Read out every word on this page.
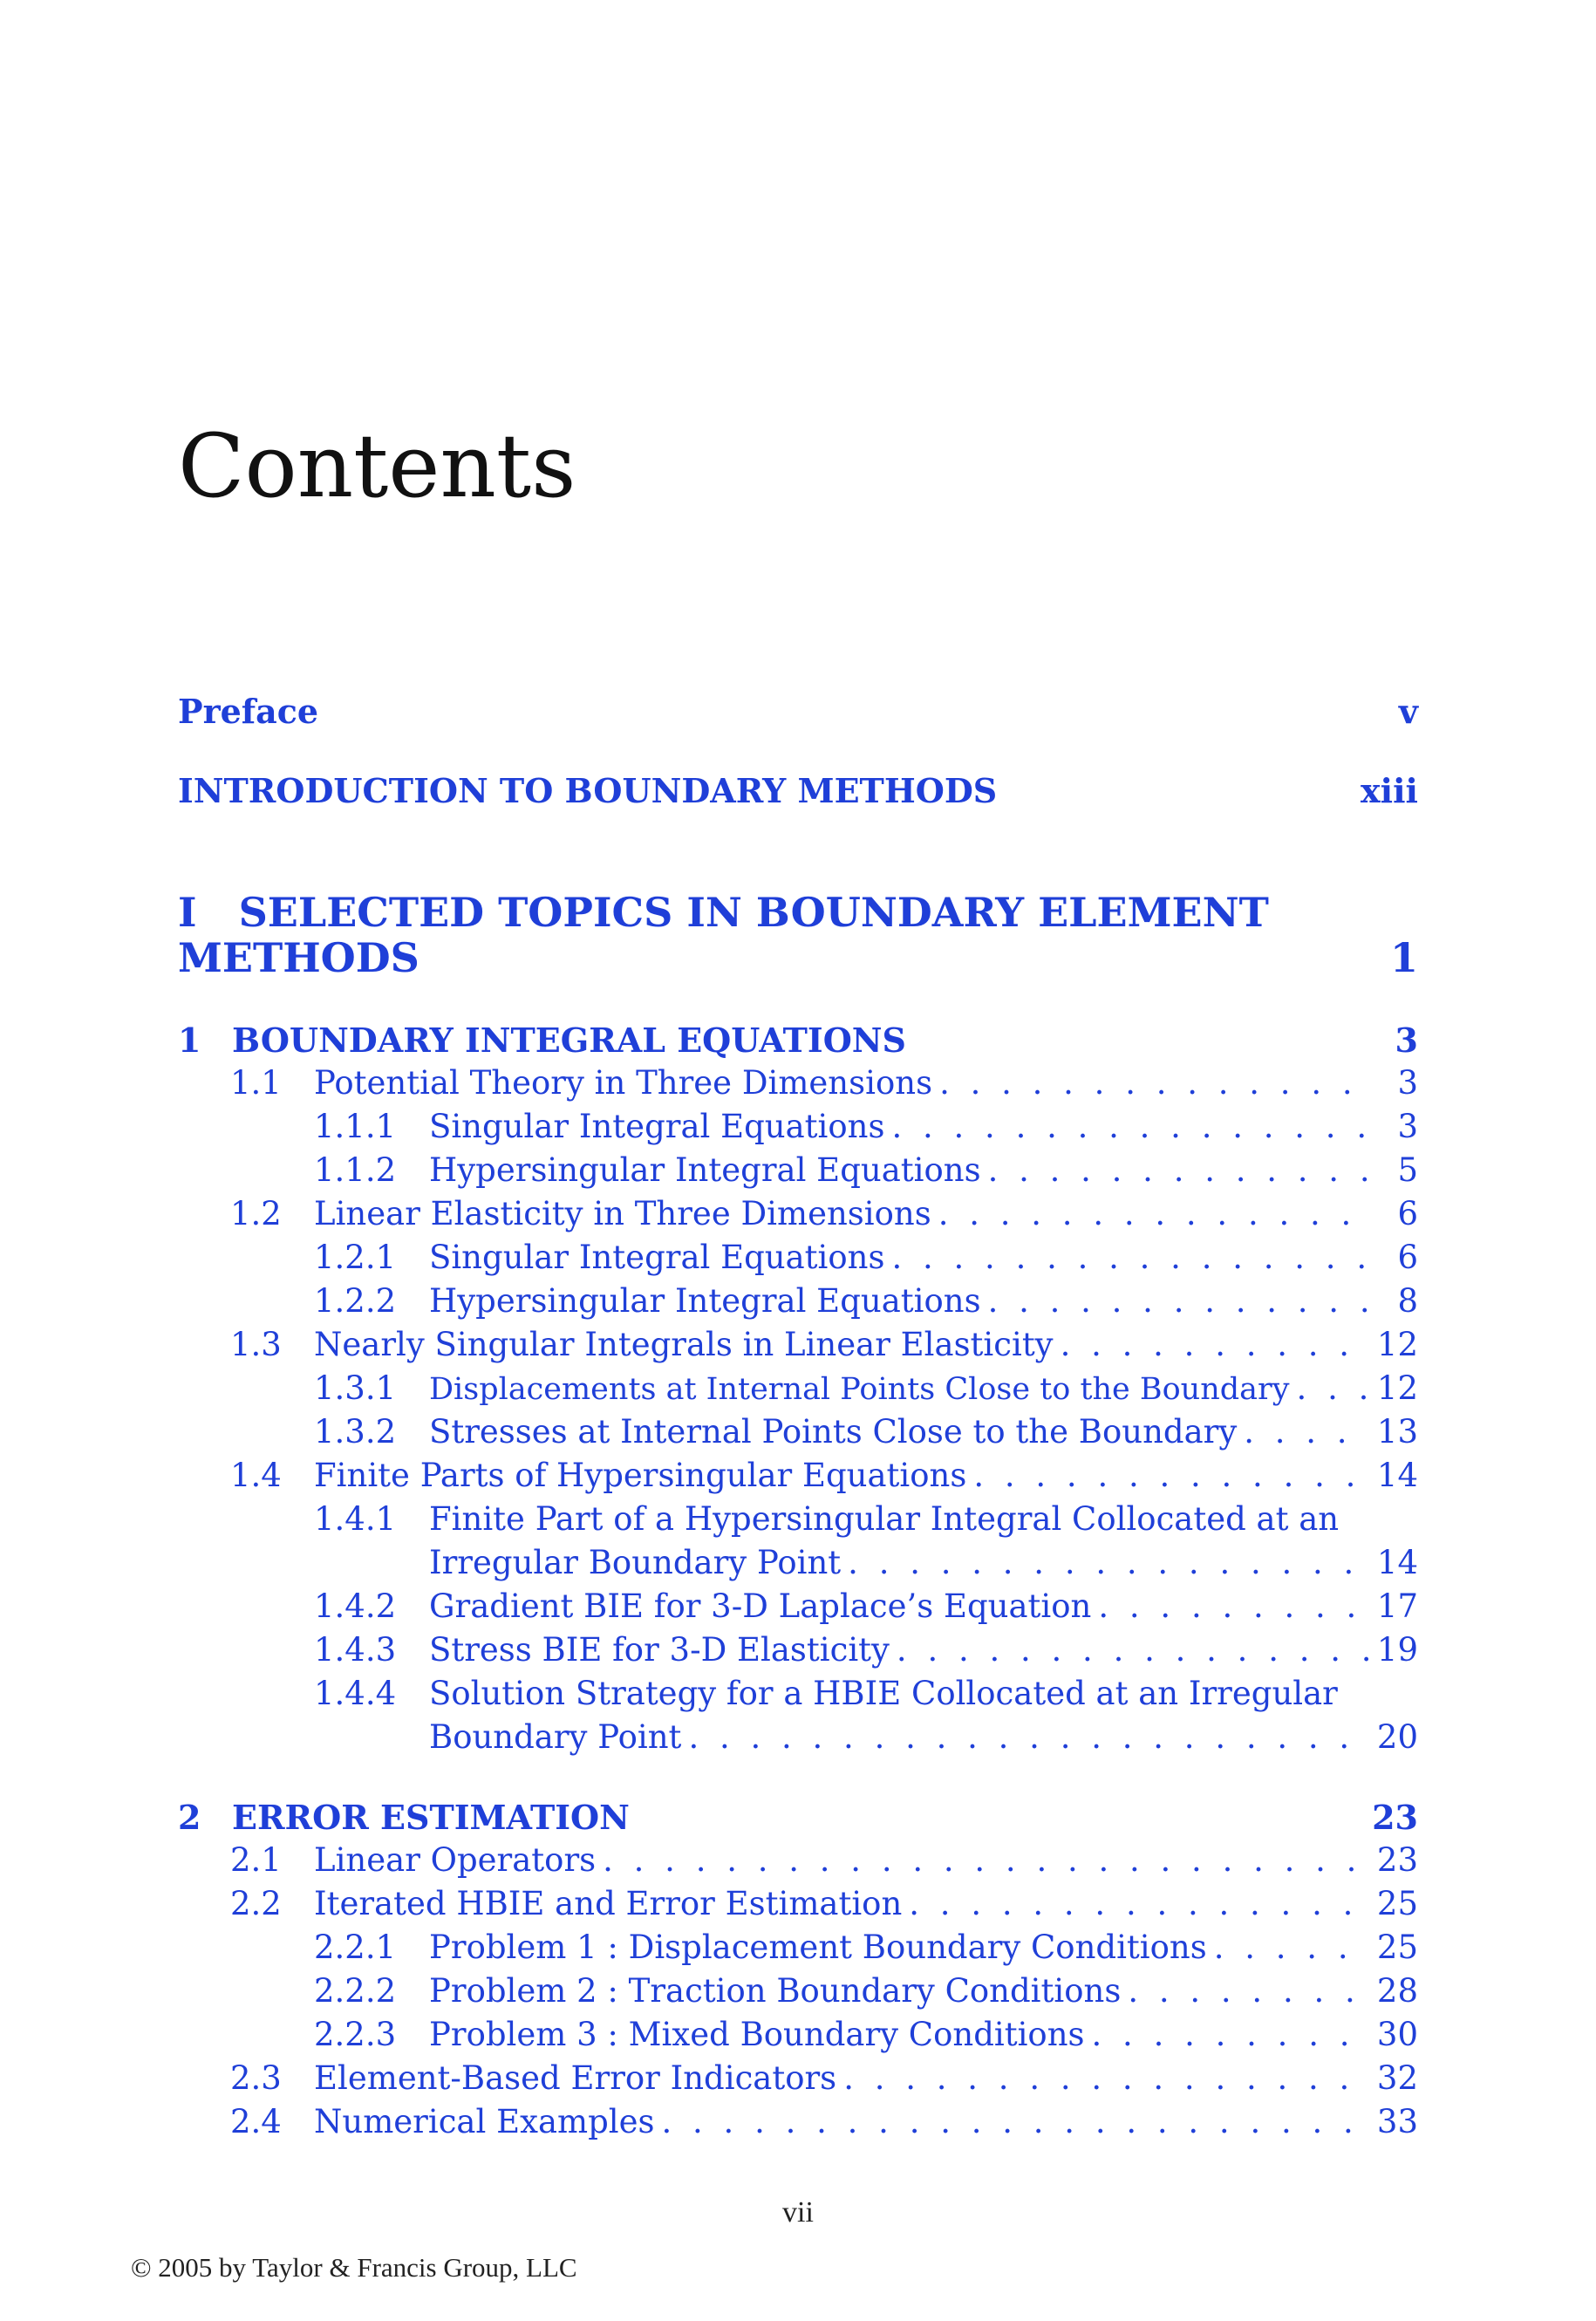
Contents
Preface	v
INTRODUCTION TO BOUNDARY METHODS	xiii
I SELECTED TOPICS IN BOUNDARY ELEMENT
METHODS	1
1 BOUNDARY INTEGRAL EQUATIONS	3
1.1	Potential Theory in Three Dimensions . . .	3
1.1.1	Singular Integral Equations . . .	3
1.1.2	Hypersingular Integral Equations . . .	5
1.2	Linear Elasticity in Three Dimensions . . .	6
1.2.1	Singular Integral Equations . . .	6
1.2.2	Hypersingular Integral Equations . . .	8
1.3	Nearly Singular Integrals in Linear Elasticity . . .	12
1.3.1	Displacements at Internal Points Close to the Boundary . . .	12
1.3.2	Stresses at Internal Points Close to the Boundary . . .	13
1.4	Finite Parts of Hypersingular Equations . . .	14
1.4.1	Finite Part of a Hypersingular Integral Collocated at an
Irregular Boundary Point . . .	14
1.4.2	Gradient BIE for 3-D Laplace’s Equation . . .	17
1.4.3	Stress BIE for 3-D Elasticity . . .	19
1.4.4	Solution Strategy for a HBIE Collocated at an Irregular
Boundary Point . . .	20
2 ERROR ESTIMATION	23
2.1	Linear Operators . . .	23
2.2	Iterated HBIE and Error Estimation . . .	25
2.2.1	Problem 1 : Displacement Boundary Conditions . . .	25
2.2.2	Problem 2 : Traction Boundary Conditions . . .	28
2.2.3	Problem 3 : Mixed Boundary Conditions . . .	30
2.3	Element-Based Error Indicators . . .	32
2.4	Numerical Examples . . .	33
vii
© 2005 by Taylor & Francis Group, LLC
